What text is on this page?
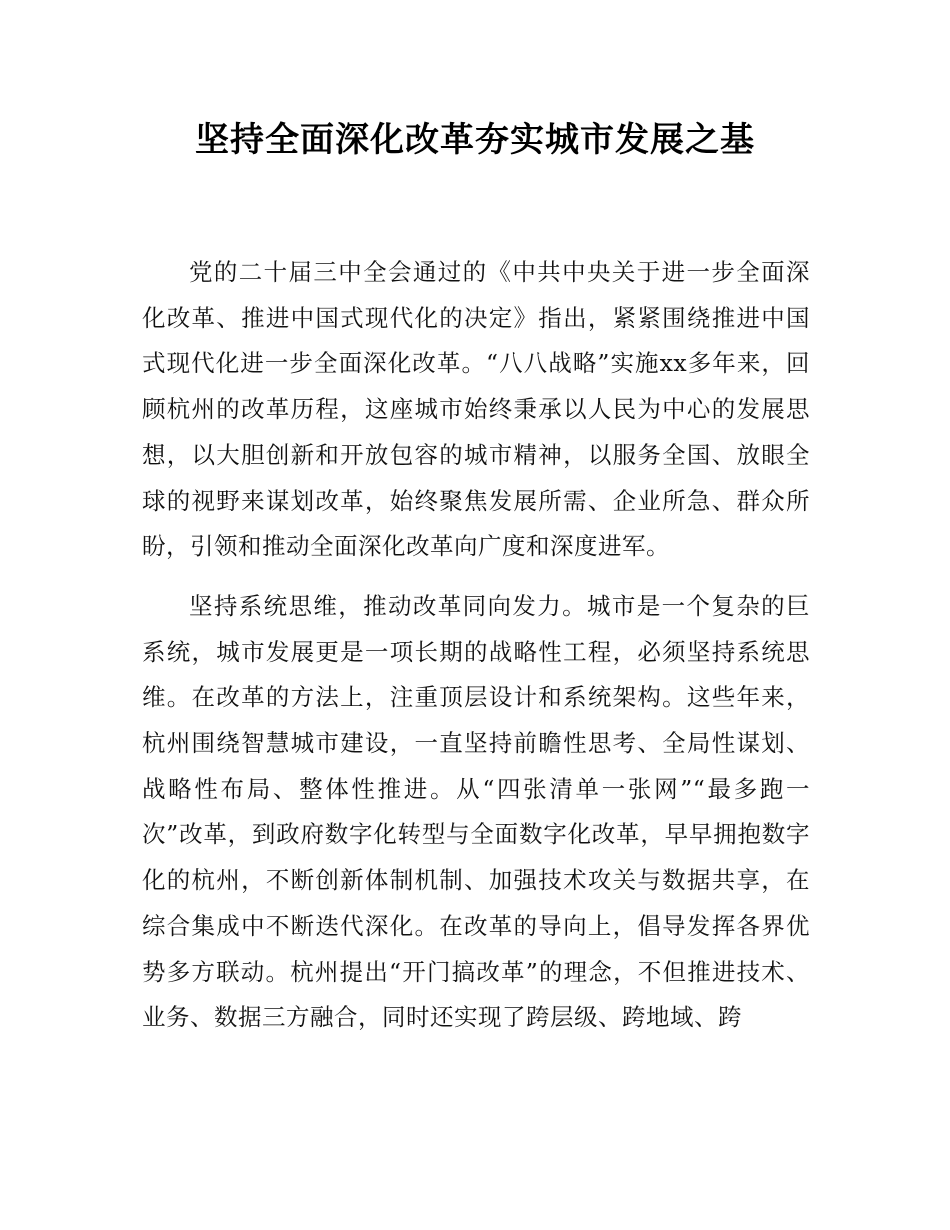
坚持全面深化改革夯实城市发展之基

党的二十届三中全会通过的《中共中央关于进一步全面深化改革、推进中国式现代化的决定》指出，紧紧围绕推进中国式现代化进一步全面深化改革。“八八战略”实施xx多年来，回顾杭州的改革历程，这座城市始终秉承以人民为中心的发展思想，以大胆创新和开放包容的城市精神，以服务全国、放眼全球的视野来谋划改革，始终聚焦发展所需、企业所急、群众所盼，引领和推动全面深化改革向广度和深度进军。

坚持系统思维，推动改革同向发力。城市是一个复杂的巨系统，城市发展更是一项长期的战略性工程，必须坚持系统思维。在改革的方法上，注重顶层设计和系统架构。这些年来，杭州围绕智慧城市建设，一直坚持前瞻性思考、全局性谋划、战略性布局、整体性推进。从“四张清单一张网”“最多跑一次”改革，到政府数字化转型与全面数字化改革，早早拥抱数字化的杭州，不断创新体制机制、加强技术攻关与数据共享，在综合集成中不断迭代深化。在改革的导向上，倡导发挥各界优势多方联动。杭州提出“开门搞改革”的理念，不但推进技术、业务、数据三方融合，同时还实现了跨层级、跨地域、跨
